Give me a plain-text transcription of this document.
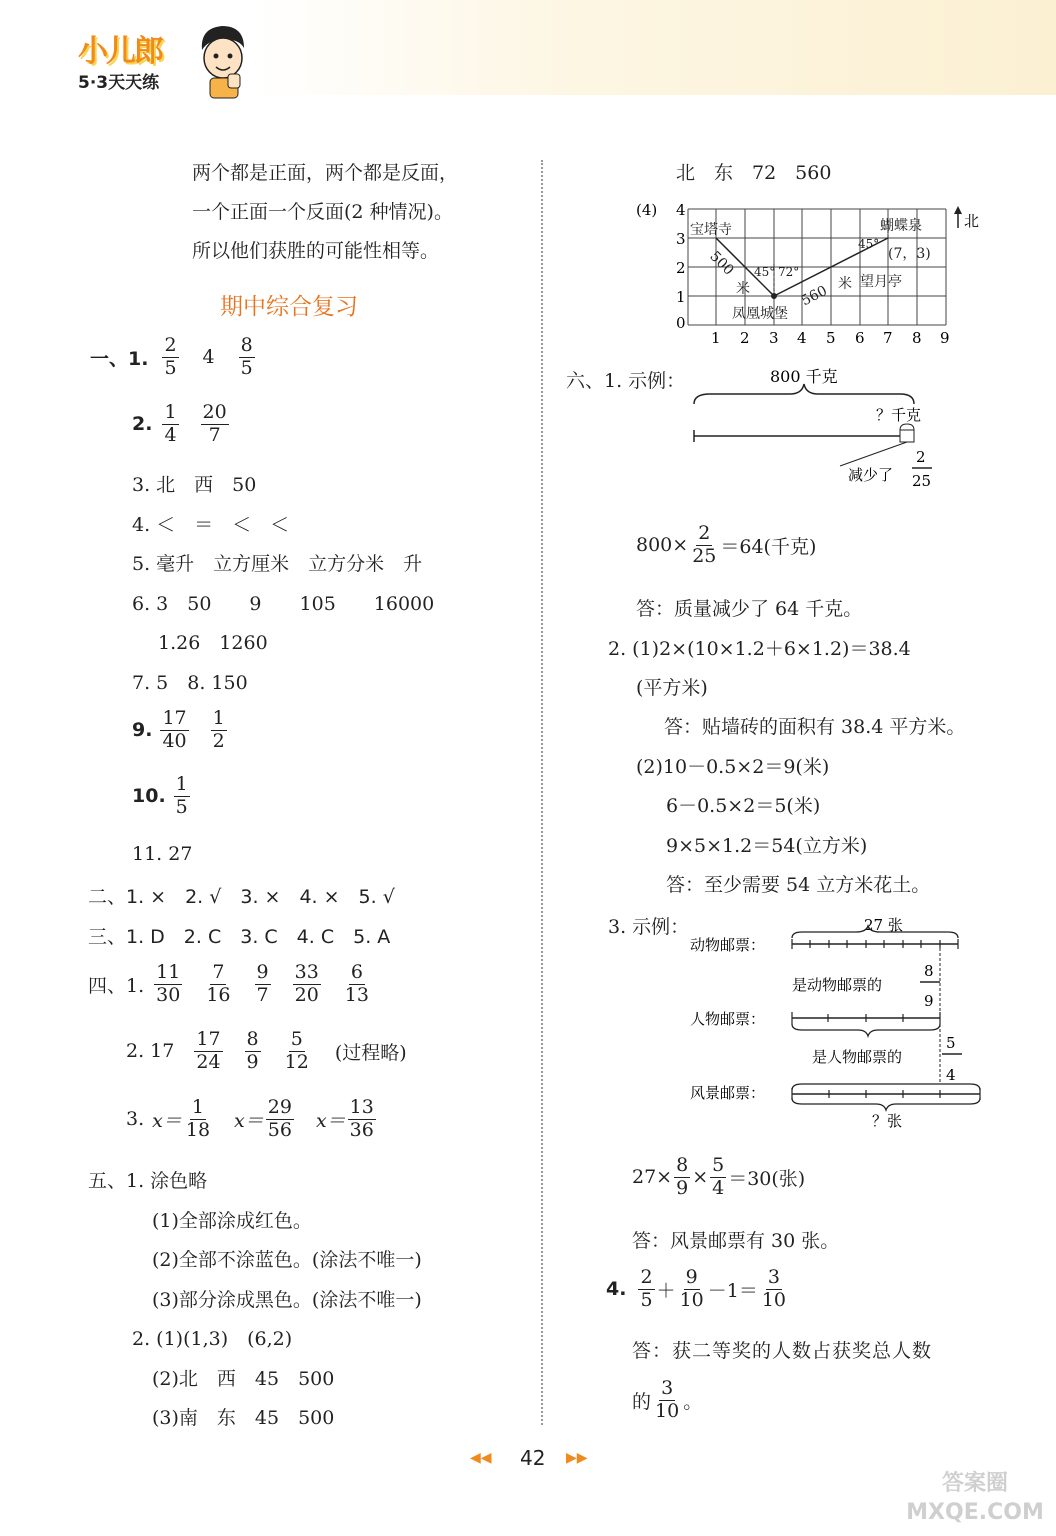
小儿郎
5·3天天练
两个都是正面，两个都是反面，
一个正面一个反面(2 种情况)。
所以他们获胜的可能性相等。
期中综合复习
一、1. $\frac{2}{5} 4 \frac{8}{5}$
2. $\frac{1}{4} \frac{20}{7}$
3. 北　西　50
4. ＜　＝　＜　＜
5. 毫升　立方厘米　立方分米　升
6. 3　50　　9　　105　　16000
1.26　1260
7. 5　8. 150
9. $\frac{17}{40} \frac{1}{2}$
10. $\frac{1}{5}$
11. 27
二、1. ×　2. √　3. ×　4. ×　5. √
三、1. D　2. C　3. C　4. C　5. A
四、1. $\frac{11}{30} \frac{7}{16} \frac{9}{7} \frac{33}{20} \frac{6}{13}$
2. $17 \frac{17}{24} \frac{8}{9} \frac{5}{12}$ (过程略)
3. $x= \frac{1}{18} x= \frac{29}{56} x= \frac{13}{36}$
五、1. 涂色略
(1)全部涂成红色。
(2)全部不涂蓝色。(涂法不唯一)
(3)部分涂成黑色。(涂法不唯一)
2. (1)(1,3)　(6,2)
(2)北　西　45　500
(3)南　东　45　500
北　东　72　560
(4) 4
3
2
1
0
1 2 3 4 5 6 7 8 9
北
宝塔寺	蝴蝶泉
(7，3)
凤凰城堡
望月亭
500
米
45° 72°
560 米
45°
六、1. 示例：	800 千克
？千克
减少了
2
25
$800\times \frac{2}{25} =64$(千克)
答：质量减少了 64 千克。
2. (1)2×(10×1.2＋6×1.2)＝38.4
(平方米)
答：贴墙砖的面积有 38.4 平方米。
(2)10－0.5×2＝9(米)
6－0.5×2＝5(米)
9×5×1.2＝54(立方米)
答：至少需要 54 立方米花土。
3. 示例：
动物邮票：
27 张
是动物邮票的
8
9
人物邮票：
是人物邮票的
5
4
风景邮票：
？张
$27\times \frac{8}{9} \times \frac{5}{4} =30$(张)
答：风景邮票有 30 张。
4. $\frac{2}{5} + \frac{9}{10} -1= \frac{3}{10}$
答：获二等奖的人数占获奖总人数
的 $\frac{3}{10}$ 。
◀◀ 42 ▶▶
答案圈 MXQE.COM
